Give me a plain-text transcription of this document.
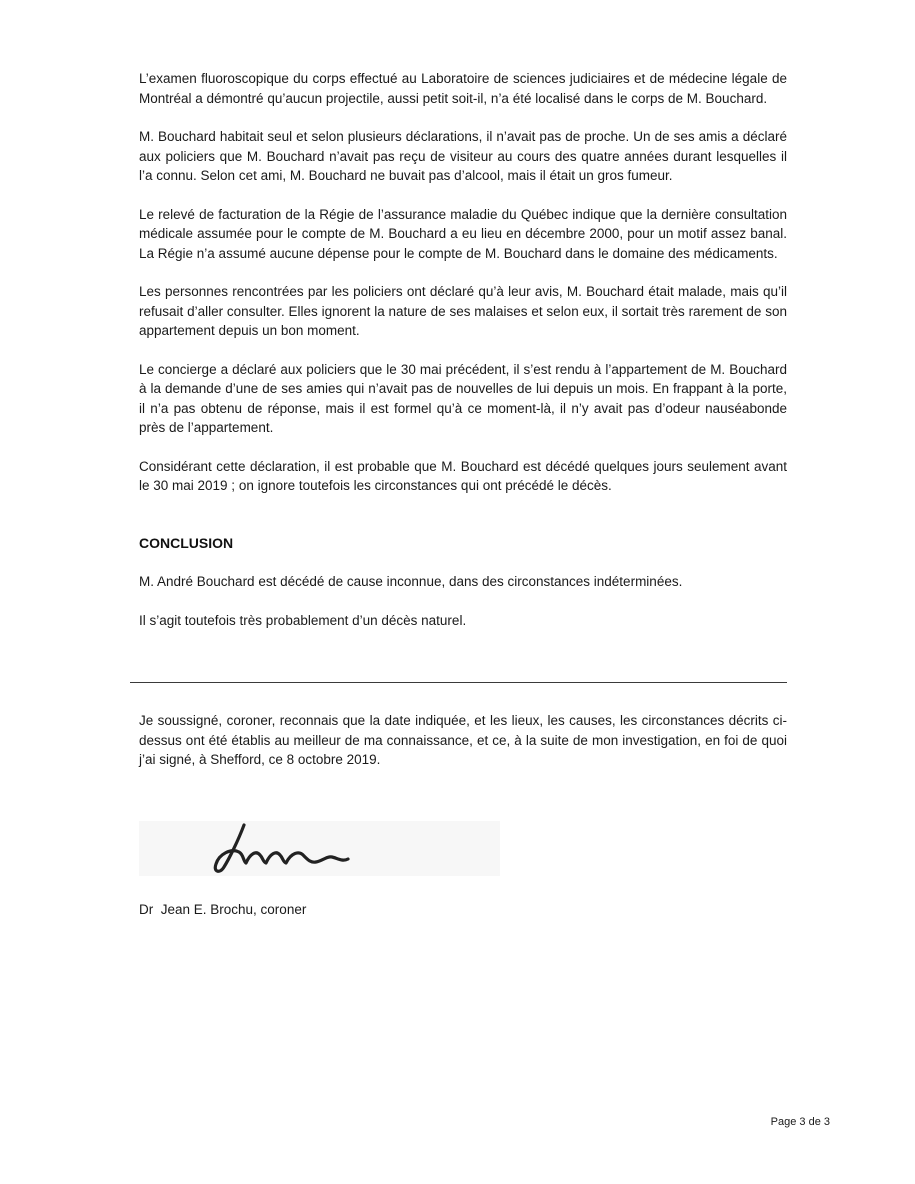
L’examen fluoroscopique du corps effectué au Laboratoire de sciences judiciaires et de médecine légale de Montréal a démontré qu’aucun projectile, aussi petit soit-il, n’a été localisé dans le corps de M. Bouchard.

M. Bouchard habitait seul et selon plusieurs déclarations, il n’avait pas de proche. Un de ses amis a déclaré aux policiers que M. Bouchard n’avait pas reçu de visiteur au cours des quatre années durant lesquelles il l’a connu. Selon cet ami, M. Bouchard ne buvait pas d’alcool, mais il était un gros fumeur.

Le relevé de facturation de la Régie de l’assurance maladie du Québec indique que la dernière consultation médicale assumée pour le compte de M. Bouchard a eu lieu en décembre 2000, pour un motif assez banal. La Régie n’a assumé aucune dépense pour le compte de M. Bouchard dans le domaine des médicaments.

Les personnes rencontrées par les policiers ont déclaré qu’à leur avis, M. Bouchard était malade, mais qu’il refusait d’aller consulter. Elles ignorent la nature de ses malaises et selon eux, il sortait très rarement de son appartement depuis un bon moment.

Le concierge a déclaré aux policiers que le 30 mai précédent, il s’est rendu à l’appartement de M. Bouchard à la demande d’une de ses amies qui n’avait pas de nouvelles de lui depuis un mois. En frappant à la porte, il n’a pas obtenu de réponse, mais il est formel qu’à ce moment-là, il n’y avait pas d’odeur nauséabonde près de l’appartement.

Considérant cette déclaration, il est probable que M. Bouchard est décédé quelques jours seulement avant le 30 mai 2019 ; on ignore toutefois les circonstances qui ont précédé le décès.

CONCLUSION

M. André Bouchard est décédé de cause inconnue, dans des circonstances indéterminées.

Il s’agit toutefois très probablement d’un décès naturel.

Je soussigné, coroner, reconnais que la date indiquée, et les lieux, les causes, les circonstances décrits ci-dessus ont été établis au meilleur de ma connaissance, et ce, à la suite de mon investigation, en foi de quoi j’ai signé, à Shefford, ce 8 octobre 2019.

Dr  Jean E. Brochu, coroner

Page 3 de 3
